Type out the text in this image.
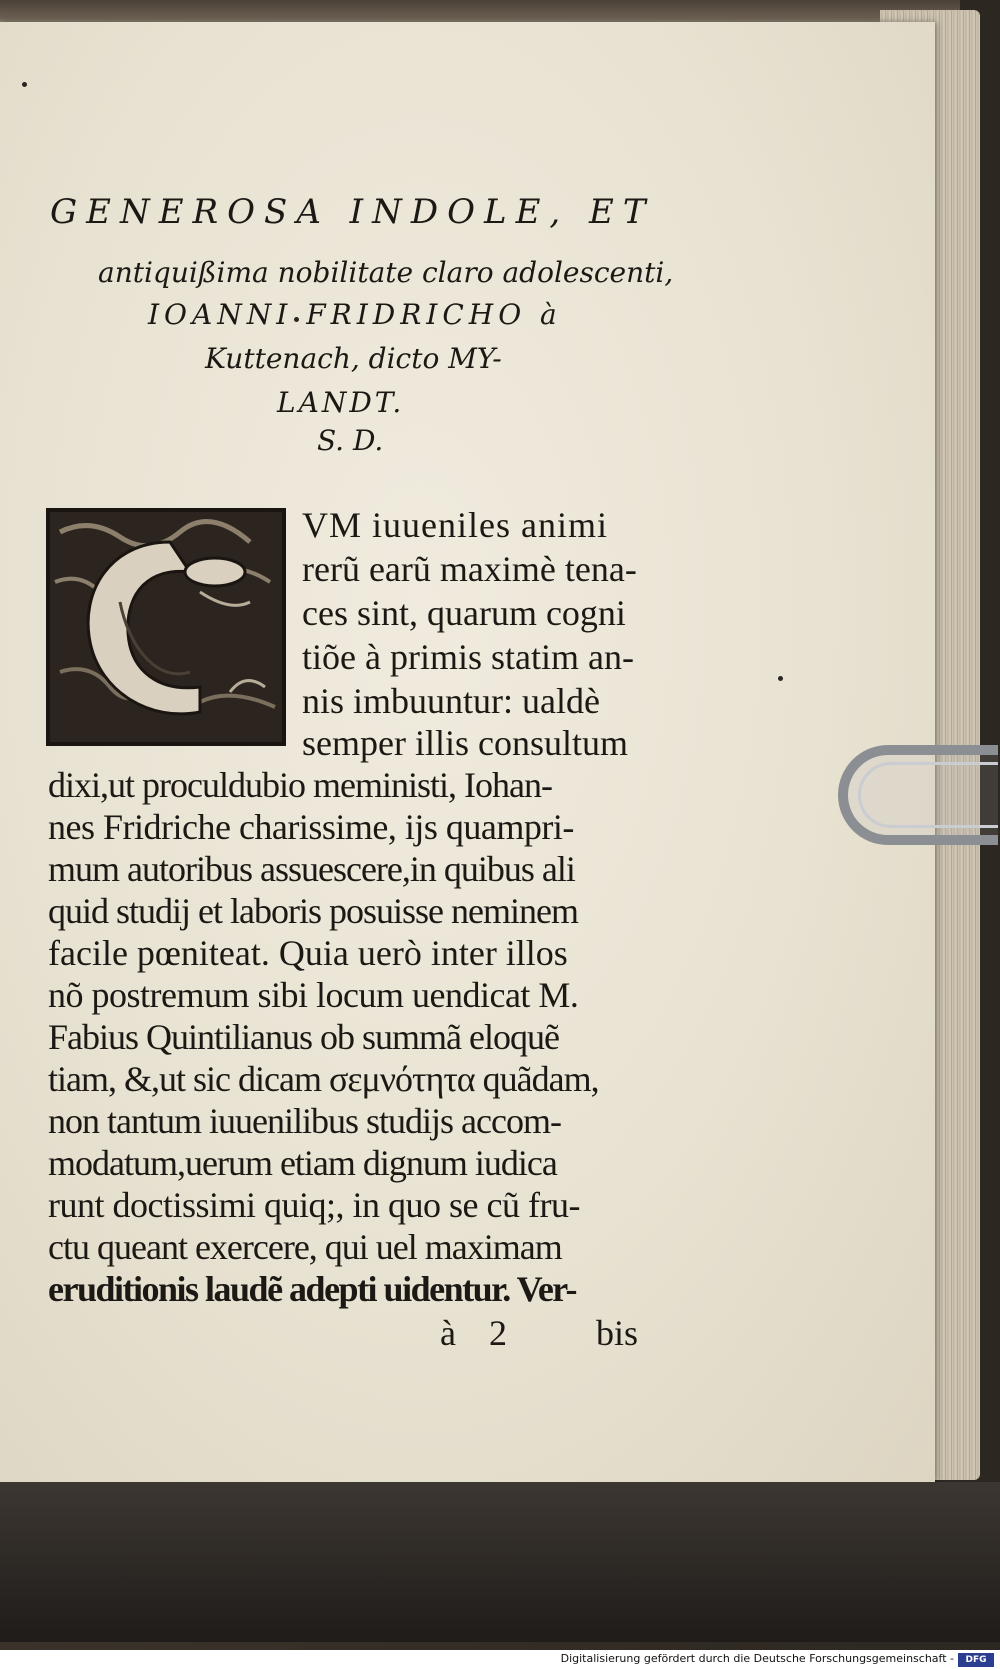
GENEROSA INDOLE, ET

antiquißima nobilitate claro adolescenti,

IOANNI FRIDRICHO à

Kuttenach, dicto MY-

LANDT.

S. D.

VM iuueniles animi

rerũ earũ maximè tena-

ces sint, quarum cogni

tiõe à primis statim an-

nis imbuuntur: ualdè

semper illis consultum

dixi,ut proculdubio meministi, Iohan-

nes Fridriche charissime, ijs quampri-

mum autoribus assuescere,in quibus ali

quid studij et laboris posuisse neminem

facile pœniteat. Quia uerò inter illos

nõ postremum sibi locum uendicat M.

Fabius Quintilianus ob summã eloquẽ

tiam, &,ut sic dicam σεμνότητα quãdam,

non tantum iuuenilibus studijs accom-

modatum,uerum etiam dignum iudica

runt doctissimi quiq;, in quo se cũ fru-

ctu queant exercere, qui uel maximam

eruditionis laudẽ adepti uidentur. Ver-

à 2 bis

Digitalisierung gefördert durch die Deutsche Forschungsgemeinschaft -	DFG
